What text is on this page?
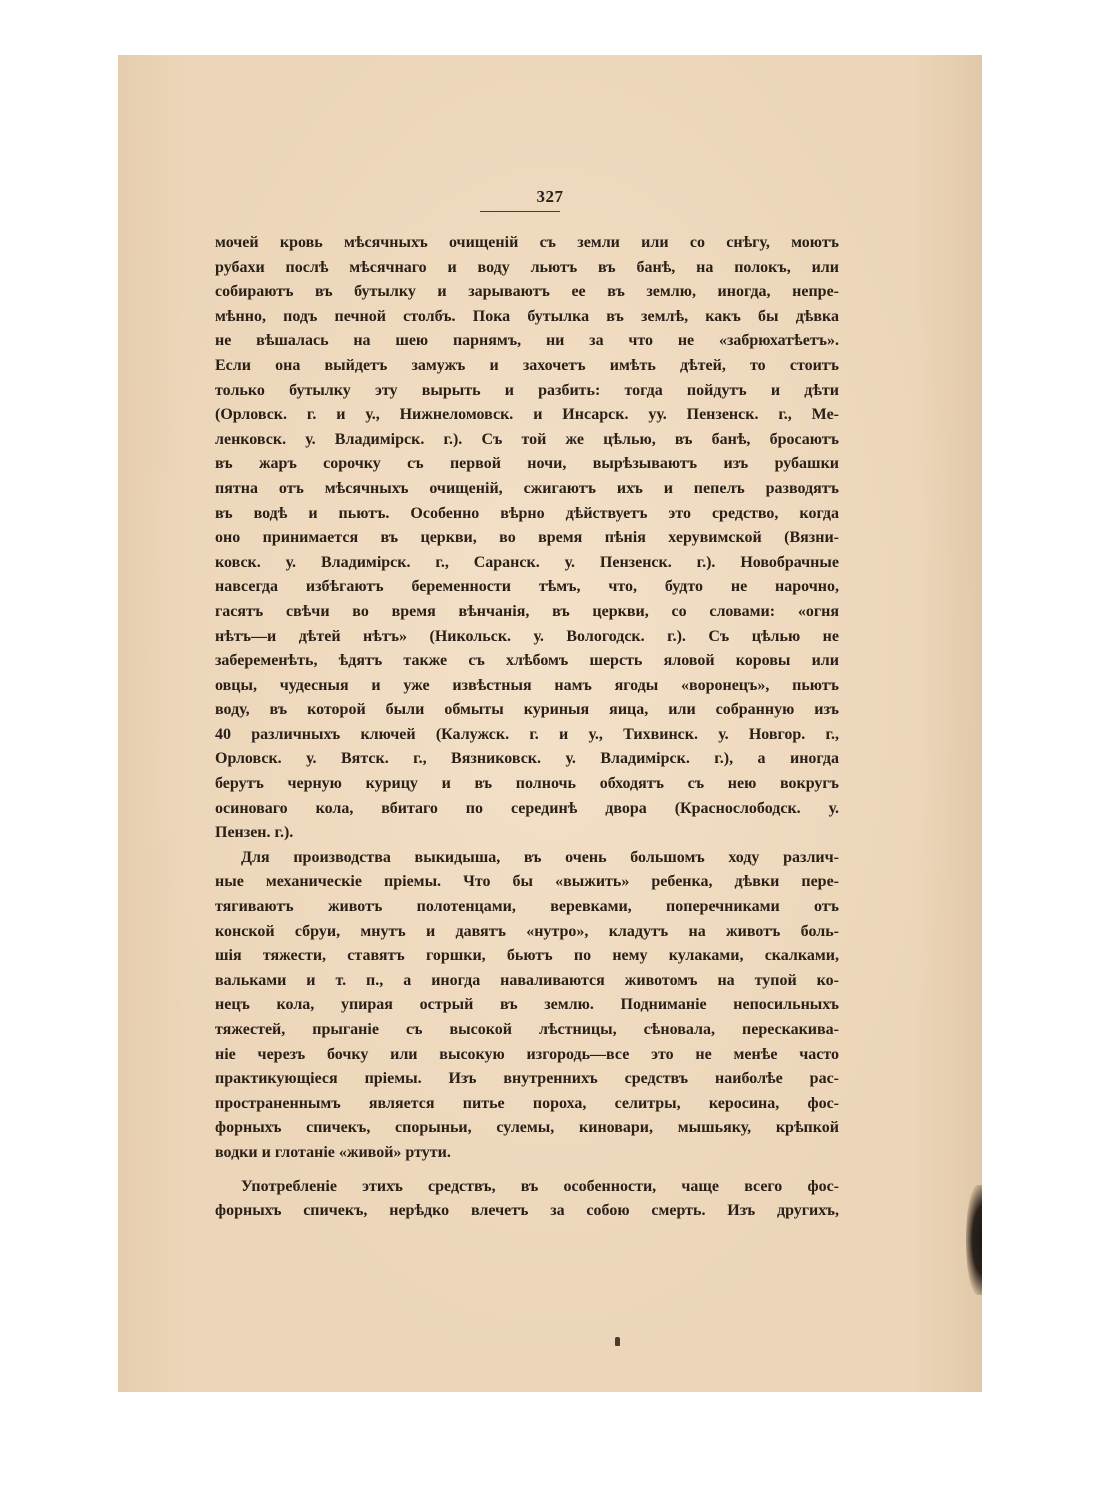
327
мочей кровь мѣсячныхъ очищеній съ земли или со снѣгу, моютъ
рубахи послѣ мѣсячнаго и воду льютъ въ банѣ, на полокъ, или
собираютъ въ бутылку и зарываютъ ее въ землю, иногда, непре-
мѣнно, подъ печной столбъ. Пока бутылка въ землѣ, какъ бы дѣвка
не вѣшалась на шею парнямъ, ни за что не «забрюхатѣетъ».
Если она выйдетъ замужъ и захочетъ имѣть дѣтей, то стоитъ
только бутылку эту вырыть и разбить: тогда пойдутъ и дѣти
(Орловск. г. и у., Нижнеломовск. и Инсарск. уу. Пензенск. г., Ме-
ленковск. у. Владимірск. г.). Съ той же цѣлью, въ банѣ, бросаютъ
въ жаръ сорочку съ первой ночи, вырѣзываютъ изъ рубашки
пятна отъ мѣсячныхъ очищеній, сжигаютъ ихъ и пепелъ разводятъ
въ водѣ и пьютъ. Особенно вѣрно дѣйствуетъ это средство, когда
оно принимается въ церкви, во время пѣнія херувимской (Вязни-
ковск. у. Владимірск. г., Саранск. у. Пензенск. г.). Новобрачные
навсегда избѣгаютъ беременности тѣмъ, что, будто не нарочно,
гасятъ свѣчи во время вѣнчанія, въ церкви, со словами: «огня
нѣтъ—и дѣтей нѣтъ» (Никольск. у. Вологодск. г.). Съ цѣлью не
забеременѣть, ѣдятъ также съ хлѣбомъ шерсть яловой коровы или
овцы, чудесныя и уже извѣстныя намъ ягоды «воронецъ», пьютъ
воду, въ которой были обмыты куриныя яица, или собранную изъ
40 различныхъ ключей (Калужск. г. и у., Тихвинск. у. Новгор. г.,
Орловск. у. Вятск. г., Вязниковск. у. Владимірск. г.), а иногда
берутъ черную курицу и въ полночь обходятъ съ нею вокругъ
осиноваго кола, вбитаго по серединѣ двора (Краснослободск. у.
Пензен. г.).
Для производства выкидыша, въ очень большомъ ходу различ-
ные механическіе пріемы. Что бы «выжить» ребенка, дѣвки пере-
тягиваютъ животъ полотенцами, веревками, поперечниками отъ
конской сбруи, мнутъ и давятъ «нутро», кладутъ на животъ боль-
шія тяжести, ставятъ горшки, бьютъ по нему кулаками, скалками,
вальками и т. п., а иногда наваливаются животомъ на тупой ко-
нецъ кола, упирая острый въ землю. Подниманіе непосильныхъ
тяжестей, прыганіе съ высокой лѣстницы, сѣновала, перескакива-
ніе черезъ бочку или высокую изгородь—все это не менѣе часто
практикующіеся пріемы. Изъ внутреннихъ средствъ наиболѣе рас-
пространеннымъ является питье пороха, селитры, керосина, фос-
форныхъ спичекъ, спорыньи, сулемы, киновари, мышьяку, крѣпкой
водки и глотаніе «живой» ртути.
Употребленіе этихъ средствъ, въ особенности, чаще всего фос-
форныхъ спичекъ, нерѣдко влечетъ за собою смерть. Изъ другихъ,
